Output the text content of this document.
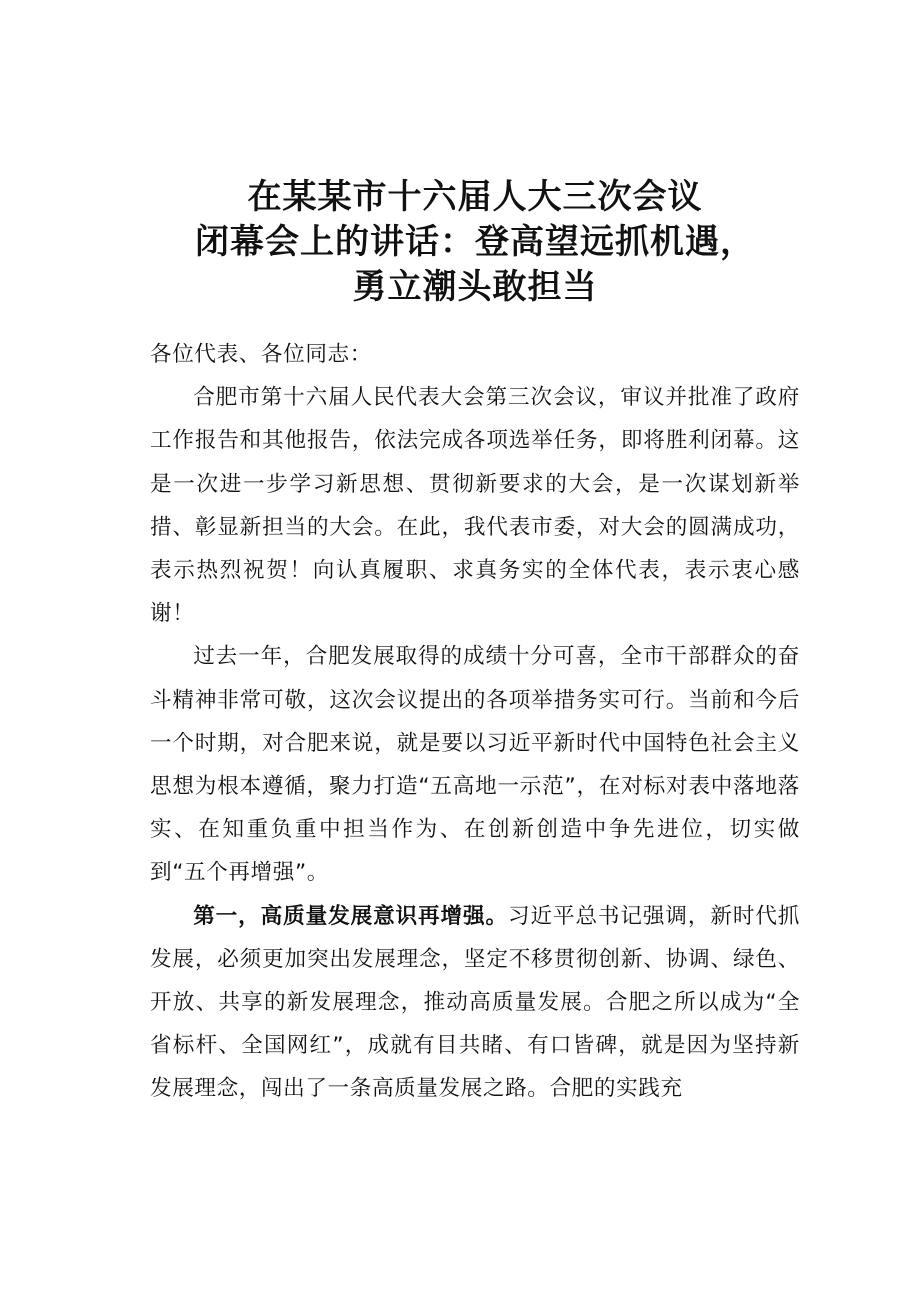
在某某市十六届人大三次会议
闭幕会上的讲话：登高望远抓机遇，
勇立潮头敢担当

各位代表、各位同志：

合肥市第十六届人民代表大会第三次会议，审议并批准了政府工作报告和其他报告，依法完成各项选举任务，即将胜利闭幕。这是一次进一步学习新思想、贯彻新要求的大会，是一次谋划新举措、彰显新担当的大会。在此，我代表市委，对大会的圆满成功，表示热烈祝贺！向认真履职、求真务实的全体代表，表示衷心感谢！

过去一年，合肥发展取得的成绩十分可喜，全市干部群众的奋斗精神非常可敬，这次会议提出的各项举措务实可行。当前和今后一个时期，对合肥来说，就是要以习近平新时代中国特色社会主义思想为根本遵循，聚力打造“五高地一示范”，在对标对表中落地落实、在知重负重中担当作为、在创新创造中争先进位，切实做到“五个再增强”。

第一，高质量发展意识再增强。习近平总书记强调，新时代抓发展，必须更加突出发展理念，坚定不移贯彻创新、协调、绿色、开放、共享的新发展理念，推动高质量发展。合肥之所以成为“全省标杆、全国网红”，成就有目共睹、有口皆碑，就是因为坚持新发展理念，闯出了一条高质量发展之路。合肥的实践充
